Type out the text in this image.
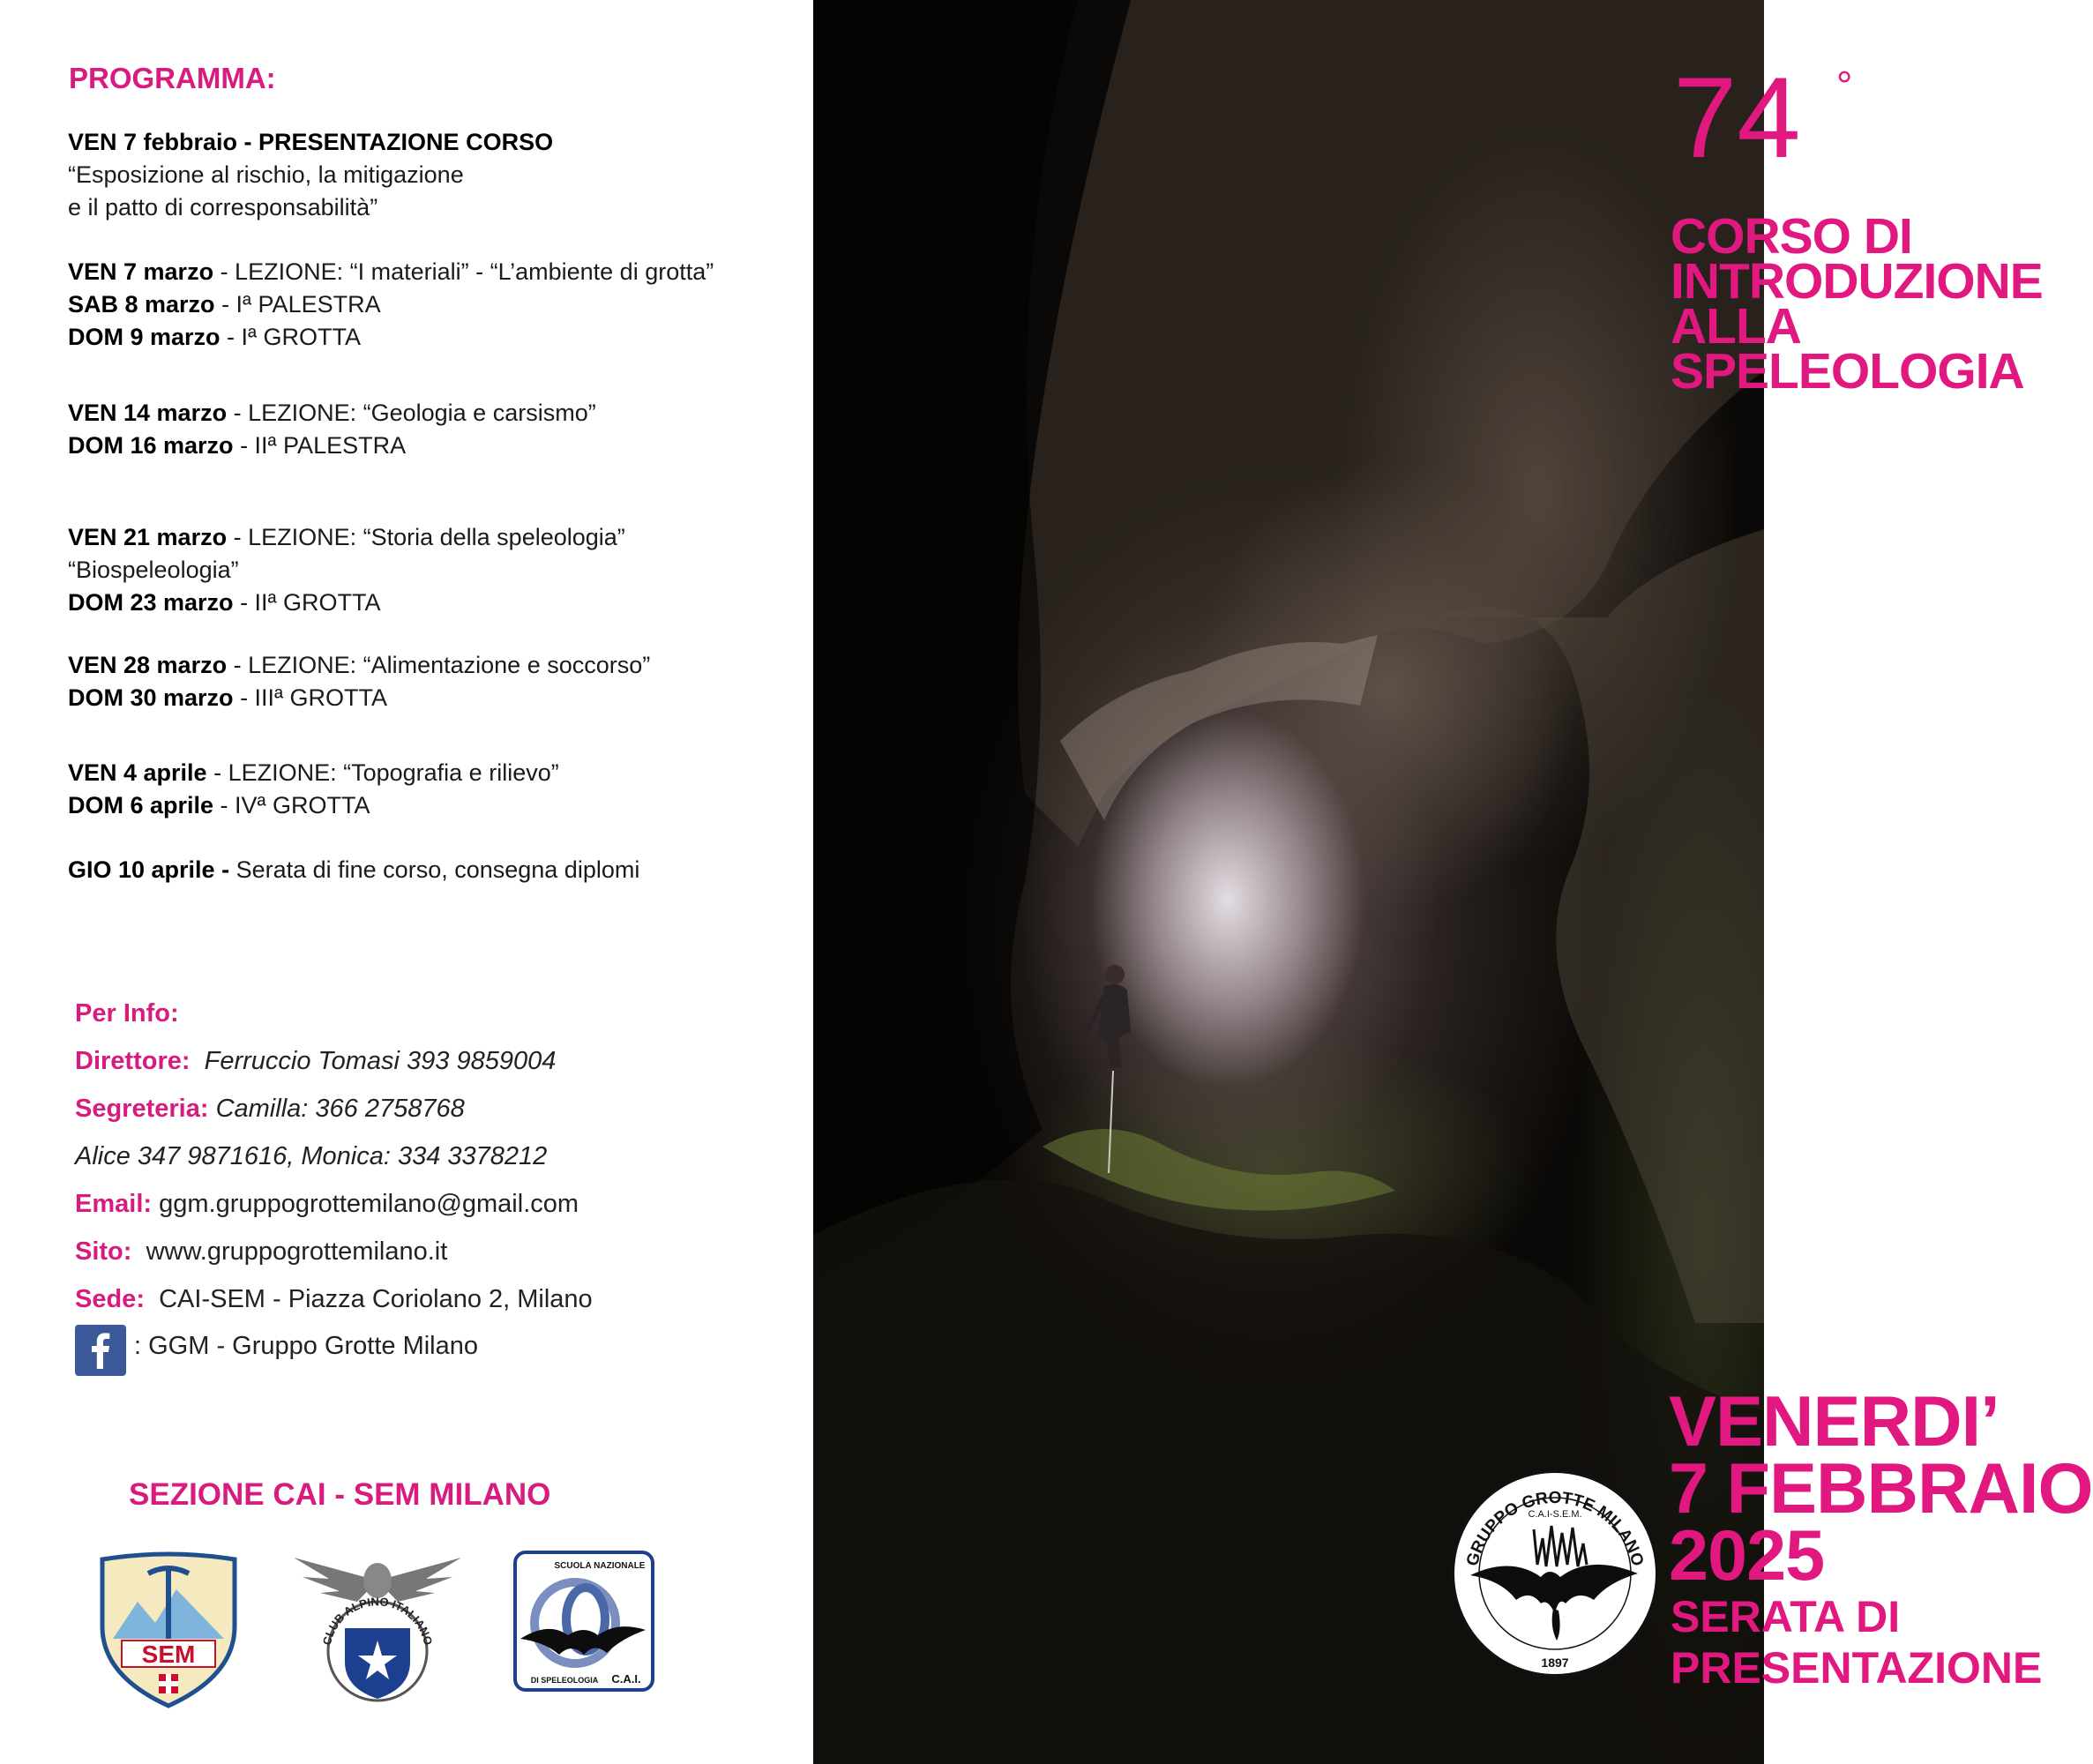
PROGRAMMA:
VEN 7 febbraio - PRESENTAZIONE CORSO
“Esposizione al rischio, la mitigazione
e il patto di corresponsabilità”
VEN 7 marzo - LEZIONE: “I materiali” - “L’ambiente di grotta”
SAB 8 marzo - Iª PALESTRA
DOM 9 marzo - Iª GROTTA
VEN 14 marzo - LEZIONE: “Geologia e carsismo”
DOM 16 marzo - IIª PALESTRA
VEN 21 marzo - LEZIONE: “Storia della speleologia”
“Biospeleologia”
DOM 23 marzo - IIª GROTTA
VEN 28 marzo - LEZIONE: “Alimentazione e soccorso”
DOM 30 marzo - IIIª GROTTA
VEN 4 aprile - LEZIONE: “Topografia e rilievo”
DOM 6 aprile - IVª GROTTA
GIO 10 aprile - Serata di fine corso, consegna diplomi
Per Info:
Direttore: Ferruccio Tomasi 393 9859004
Segreteria: Camilla: 366 2758768
Alice 347 9871616, Monica: 334 3378212
Email: ggm.gruppogrottemilano@gmail.com
Sito: www.gruppogrottemilano.it
Sede: CAI-SEM - Piazza Coriolano 2, Milano
: GGM - Gruppo Grotte Milano
SEZIONE CAI - SEM MILANO
SEM	CLUB ALPINO ITALIANO
SCUOLA NAZIONALE
DI SPELEOLOGIA C.A.I.
74 °
CORSO DI
INTRODUZIONE
ALLA
SPELEOLOGIA
VENERDI’
7 FEBBRAIO
2025
SERATA DI
PRESENTAZIONE
GRUPPO GROTTE MILANO
C.A.I-S.E.M.
1897
